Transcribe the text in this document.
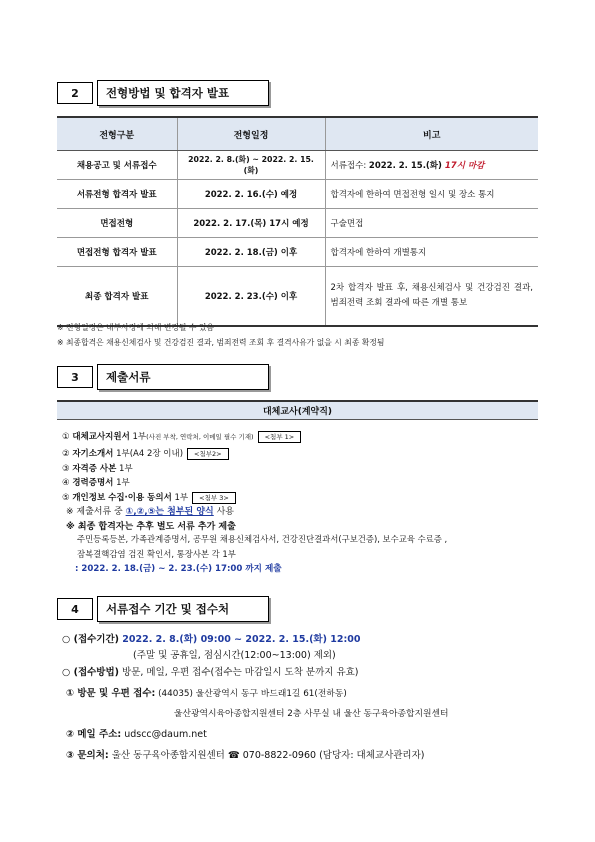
2	전형방법 및 합격자 발표
전형구분	전형일정	비고
채용공고 및 서류접수	2022. 2. 8.(화) ~ 2022. 2. 15.(화)	서류접수: 2022. 2. 15.(화) 17시 마감
서류전형 합격자 발표	2022. 2. 16.(수) 예정	합격자에 한하여 면접전형 일시 및 장소 통지
면접전형	2022. 2. 17.(목) 17시 예정	구술면접
면접전형 합격자 발표	2022. 2. 18.(금) 이후	합격자에 한하여 개별통지
최종 합격자 발표	2022. 2. 23.(수) 이후	2차 합격자 발표 후, 채용신체검사 및 건강검진 결과, 범죄전력 조회 결과에 따른 개별 통보
※ 전형일정은 내부사정에 의해 변경될 수 있음
※ 최종합격은 채용신체검사 및 건강검진 결과, 범죄전력 조회 후 결격사유가 없을 시 최종 확정됨
3	제출서류
대체교사(계약직)
① 대체교사지원서 1부(사진 부착, 연락처, 이메일 필수 기재) <첨부 1>
② 자기소개서 1부(A4 2장 이내) <첨부2>
③ 자격증 사본 1부
④ 경력증명서 1부
⑤ 개인정보 수집·이용 동의서 1부 <첨부 3>
※ 제출서류 중 ①,②,⑤는 첨부된 양식 사용
※ 최종 합격자는 추후 별도 서류 추가 제출
주민등록등본, 가족관계증명서, 공무원 채용신체검사서, 건강진단결과서(구보건증), 보수교육 수료증 ,
잠복결핵감염 검진 확인서, 통장사본 각 1부
: 2022. 2. 18.(금) ~ 2. 23.(수) 17:00 까지 제출
4	서류접수 기간 및 접수처
○ (접수기간) 2022. 2. 8.(화) 09:00 ~ 2022. 2. 15.(화) 12:00
(주말 및 공휴일, 점심시간(12:00~13:00) 제외)
○ (접수방법) 방문, 메일, 우편 접수(접수는 마감일시 도착 분까지 유효)
① 방문 및 우편 접수: (44035) 울산광역시 동구 바드래1길 61(전하동)
울산광역시육아종합지원센터 2층 사무실 내 울산 동구육아종합지원센터
② 메일 주소: udscc@daum.net
③ 문의처: 울산 동구육아종합지원센터 ☎ 070-8822-0960 (담당자: 대체교사관리자)
